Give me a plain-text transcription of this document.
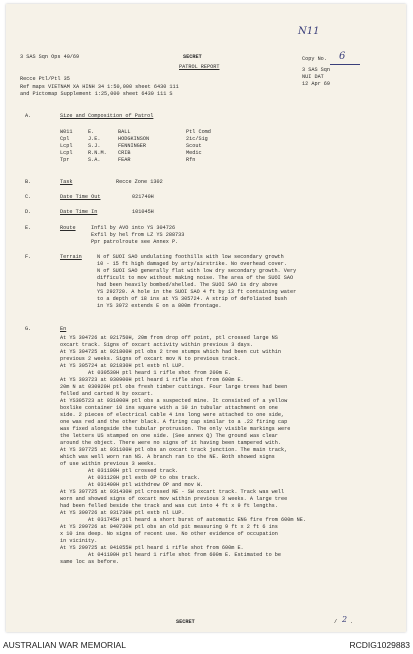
N11
6
3 SAS Sqn Ops 40/69	SECRET
PATROL REPORT
Copy No.
3 SAS Sqn
NUI DAT
12 Apr 69
Recce Ptl/Ptl 35
Ref maps VIETNAM XA HINH 34 1:50,000 sheet 6430 111
and Pictomap Supplement 1:25,000 sheet 6430 111 S
A.	Size and Composition of Patrol
W011	E.	BALL	Ptl Comd
Cpl	J.E.	HODGKINSON	2ic/Sig
Lcpl	S.J.	FENNINGER	Scout
Lcpl	R.N.M. CRIB	Medic
Tpr	S.A.	FEAR	Rfn
B.	Task	Recce Zone 1302
C.	Date Time Out	021740H
D.	Date Time In	101045H
E.	Route	Infil by AVO into YS 304726
Exfil by hel from LZ YS 288733
Ppr patrolroute see Annex P.
F.	Terrain	N of SUOI SAO undulating foothills with low secondary growth
10 - 15 ft high damaged by arty/airstrike. No overhead cover.
N of SUOI SAO generally flat with low dry secondary growth. Very
difficult to mov without making noise. The area of the SUOI SAO
had been heavily bombed/shelled. The SUOI SAO is dry above
YS 292720. A hole in the SUOI SAO 4 ft by 13 ft containing water
to a depth of 18 ins at YS 305724. A strip of defoliated bush
in YS 3072 extends E on a 800m frontage.
G.	En
At YS 304726 at 021750H, 20m from drop off point, ptl crossed large NS
oxcart track. Signs of oxcart activity within previous 3 days.
At YS 304725 at 021800H ptl obs 2 tree stumps which had been cut within
previous 2 weeks. Signs of oxcart mov N to previous track.
At YS 305724 at 021830H ptl estb nl LUP.
At 030530H ptl heard 1 rifle shot from 200m E.
At YS 303723 at 030900H ptl heard 1 rifle shot from 600m E.
20m N at 030920H ptl obs fresh timber cuttings. Four large trees had been
felled and carted N by oxcart.
At YS305723 at 031000H ptl obs a suspected mine. It consisted of a yellow
boxlike container 10 ins square with a 10 in tubular attachment on one
side. 2 pieces of electrical cable 4 ins long were attached to one side,
one was red and the other black. A firing cap similar to a .22 firing cap
was fixed alongside the tubular protrusion. The only visible markings were
the letters US stamped on one side. (See annex Q) The ground was clear
around the object. There were no signs of it having been tampered with.
At YS 307725 at 031100H ptl obs an oxcart track junction. The main track,
which was well worn ran NS. A branch ran to the NE. Both showed signs
of use within previous 3 weeks.
At 031100H ptl crossed track.
At 031120H ptl estb OP to obs track.
At 031400H ptl withdrew OP and mov W.
At YS 307725 at 031430H ptl crossed NE - SW oxcart track. Track was well
worn and showed signs of oxcart mov within previous 3 weeks. A large tree
had been felled beside the track and was cut into 4 ft x 9 ft lengths.
At YS 300726 at 031730H ptl estb nl LUP.
At 031745H ptl heard a short burst of automatic ENG fire from 600m NE.
At YS 299726 at 040730H ptl obs an old pit measuring 9 ft x 2 ft 6 ins
x 10 ins deep. No signs of recent use. No other evidence of occupation
in vicinity.
At YS 299725 at 041055H ptl heard 1 rifle shot from 600m E.
At 041100H ptl heard 1 rifle shot from 600m E. Estimated to be
same loc as before.
SECRET	/ 2 .
AUSTRALIAN WAR MEMORIAL	RCDIG1029883
